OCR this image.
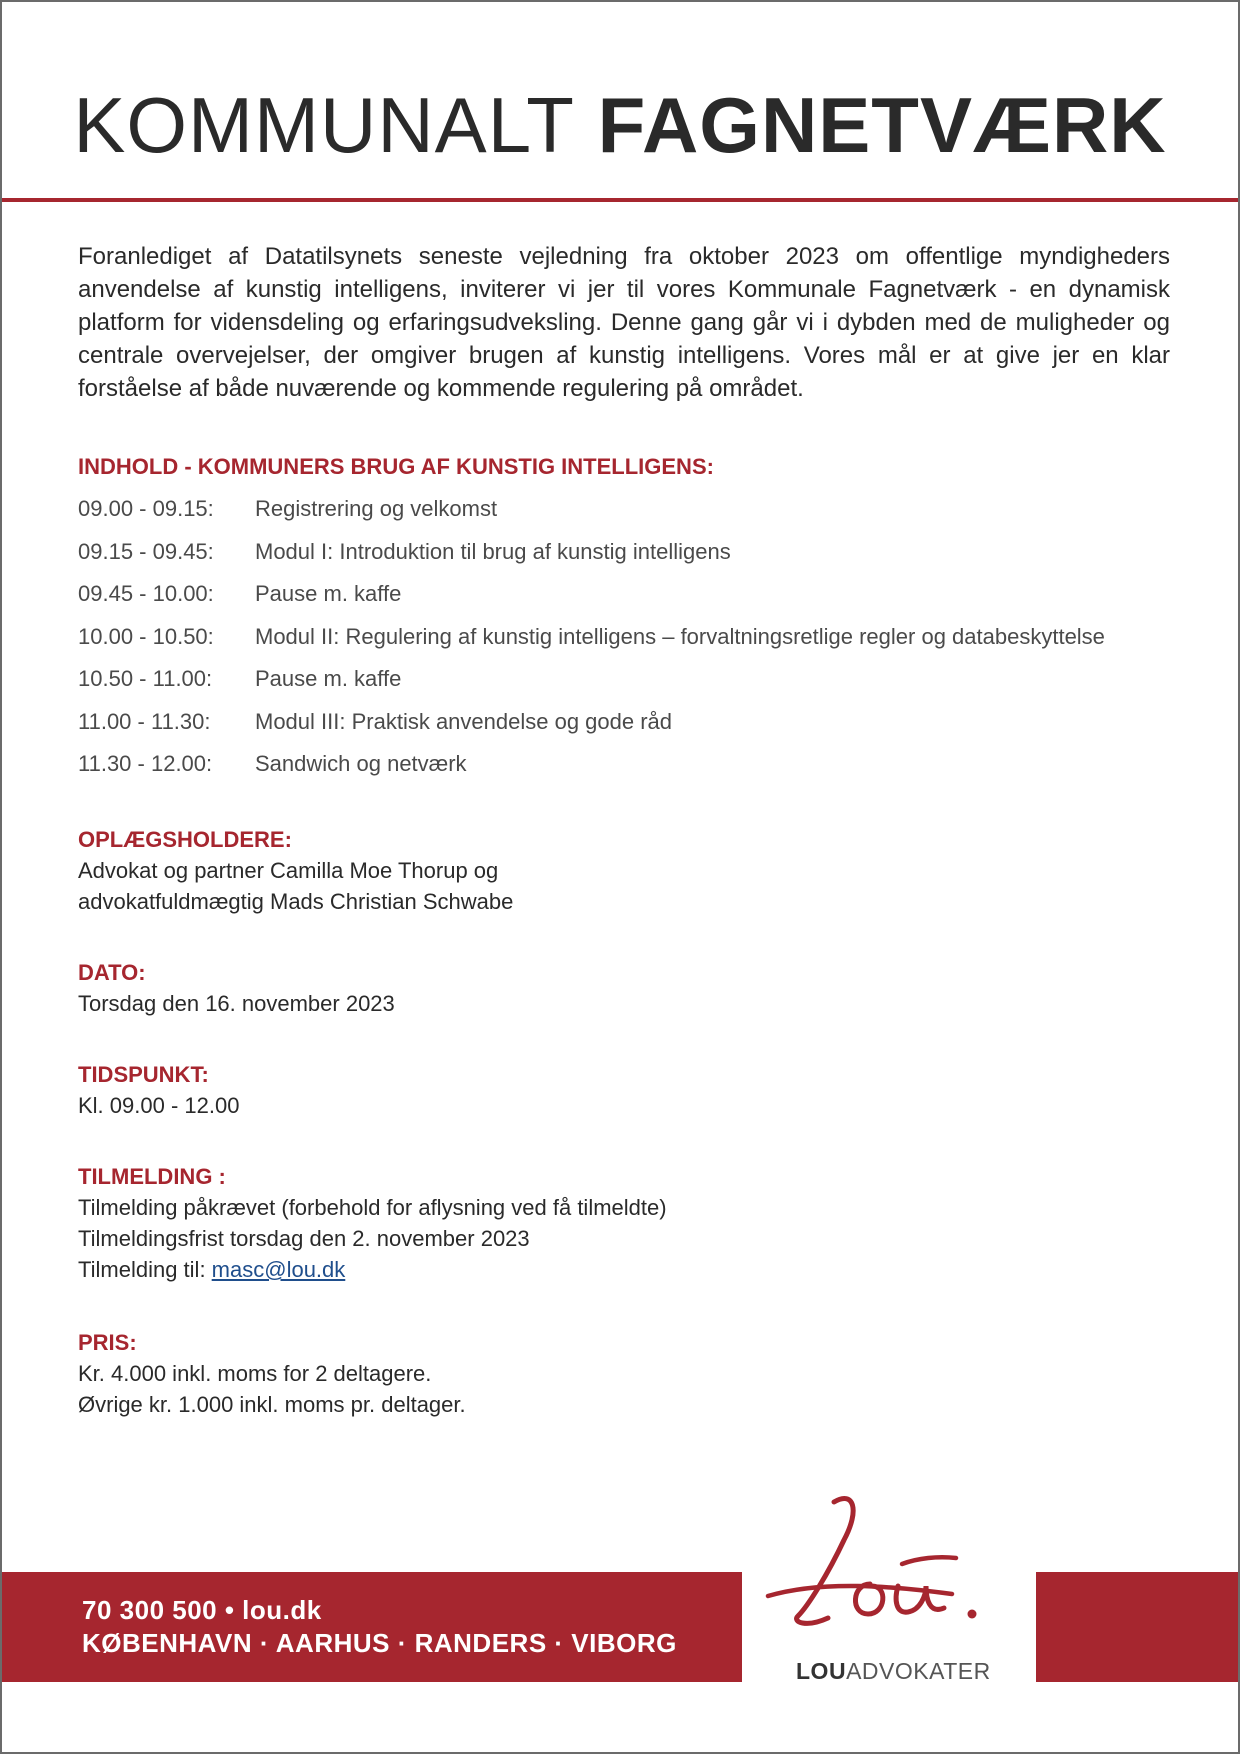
KOMMUNALT FAGNETVÆRK

Foranlediget af Datatilsynets seneste vejledning fra oktober 2023 om offentlige myndigheders anvendelse af kunstig intelligens, inviterer vi jer til vores Kommunale Fagnetværk - en dynamisk platform for vidensdeling og erfaringsudveksling. Denne gang går vi i dybden med de muligheder og centrale overvejelser, der omgiver brugen af kunstig intelligens. Vores mål er at give jer en klar forståelse af både nuværende og kommende regulering på området.

INDHOLD - KOMMUNERS BRUG AF KUNSTIG INTELLIGENS:
09.00 - 09.15:	Registrering og velkomst
09.15 - 09.45:	Modul I: Introduktion til brug af kunstig intelligens
09.45 - 10.00:	Pause m. kaffe
10.00 - 10.50:	Modul II: Regulering af kunstig intelligens – forvaltningsretlige regler og databeskyttelse
10.50 - 11.00:	Pause m. kaffe
11.00 - 11.30:	Modul III: Praktisk anvendelse og gode råd
11.30 - 12.00:	Sandwich og netværk
OPLÆGSHOLDERE:
Advokat og partner Camilla Moe Thorup og
advokatfuldmægtig Mads Christian Schwabe
DATO:
Torsdag den 16. november 2023
TIDSPUNKT:
Kl. 09.00 - 12.00
TILMELDING :
Tilmelding påkrævet (forbehold for aflysning ved få tilmeldte)
Tilmeldingsfrist torsdag den 2. november 2023
Tilmelding til: masc@lou.dk
PRIS:
Kr. 4.000 inkl. moms for 2 deltagere.
Øvrige kr. 1.000 inkl. moms pr. deltager.
70 300 500 • lou.dk
KØBENHAVN · AARHUS · RANDERS · VIBORG
LOUADVOKATER
